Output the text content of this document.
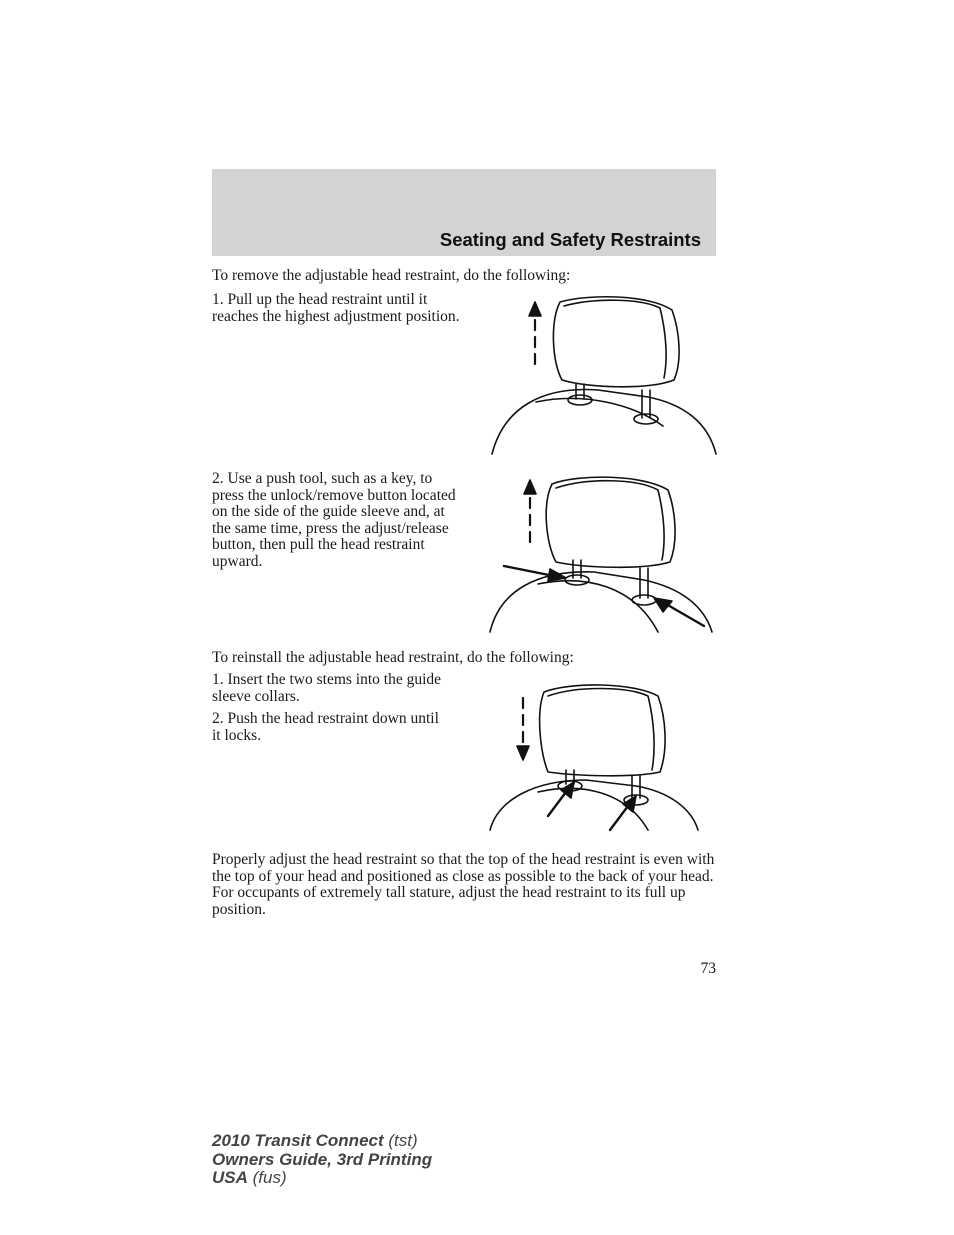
Seating and Safety Restraints
To remove the adjustable head restraint, do the following:
1. Pull up the head restraint until it reaches the highest adjustment position.
2. Use a push tool, such as a key, to press the unlock/remove button located on the side of the guide sleeve and, at the same time, press the adjust/release button, then pull the head restraint upward.
To reinstall the adjustable head restraint, do the following:
1. Insert the two stems into the guide sleeve collars.
2. Push the head restraint down until it locks.
Properly adjust the head restraint so that the top of the head restraint is even with the top of your head and positioned as close as possible to the back of your head. For occupants of extremely tall stature, adjust the head restraint to its full up position.
73
2010 Transit Connect (tst)
Owners Guide, 3rd Printing
USA (fus)
